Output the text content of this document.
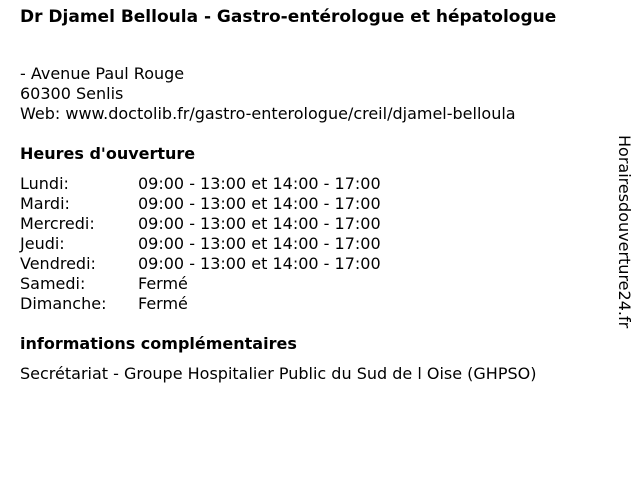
Dr Djamel Belloula - Gastro-entérologue et hépatologue
- Avenue Paul Rouge
60300 Senlis
Web: www.doctolib.fr/gastro-enterologue/creil/djamel-belloula
Heures d'ouverture
Lundi:	09:00 - 13:00 et 14:00 - 17:00
Mardi:	09:00 - 13:00 et 14:00 - 17:00
Mercredi:	09:00 - 13:00 et 14:00 - 17:00
Jeudi:	09:00 - 13:00 et 14:00 - 17:00
Vendredi:	09:00 - 13:00 et 14:00 - 17:00
Samedi:	Fermé
Dimanche:	Fermé
informations complémentaires
Secrétariat - Groupe Hospitalier Public du Sud de l Oise (GHPSO)
Horairesdouverture24.fr
